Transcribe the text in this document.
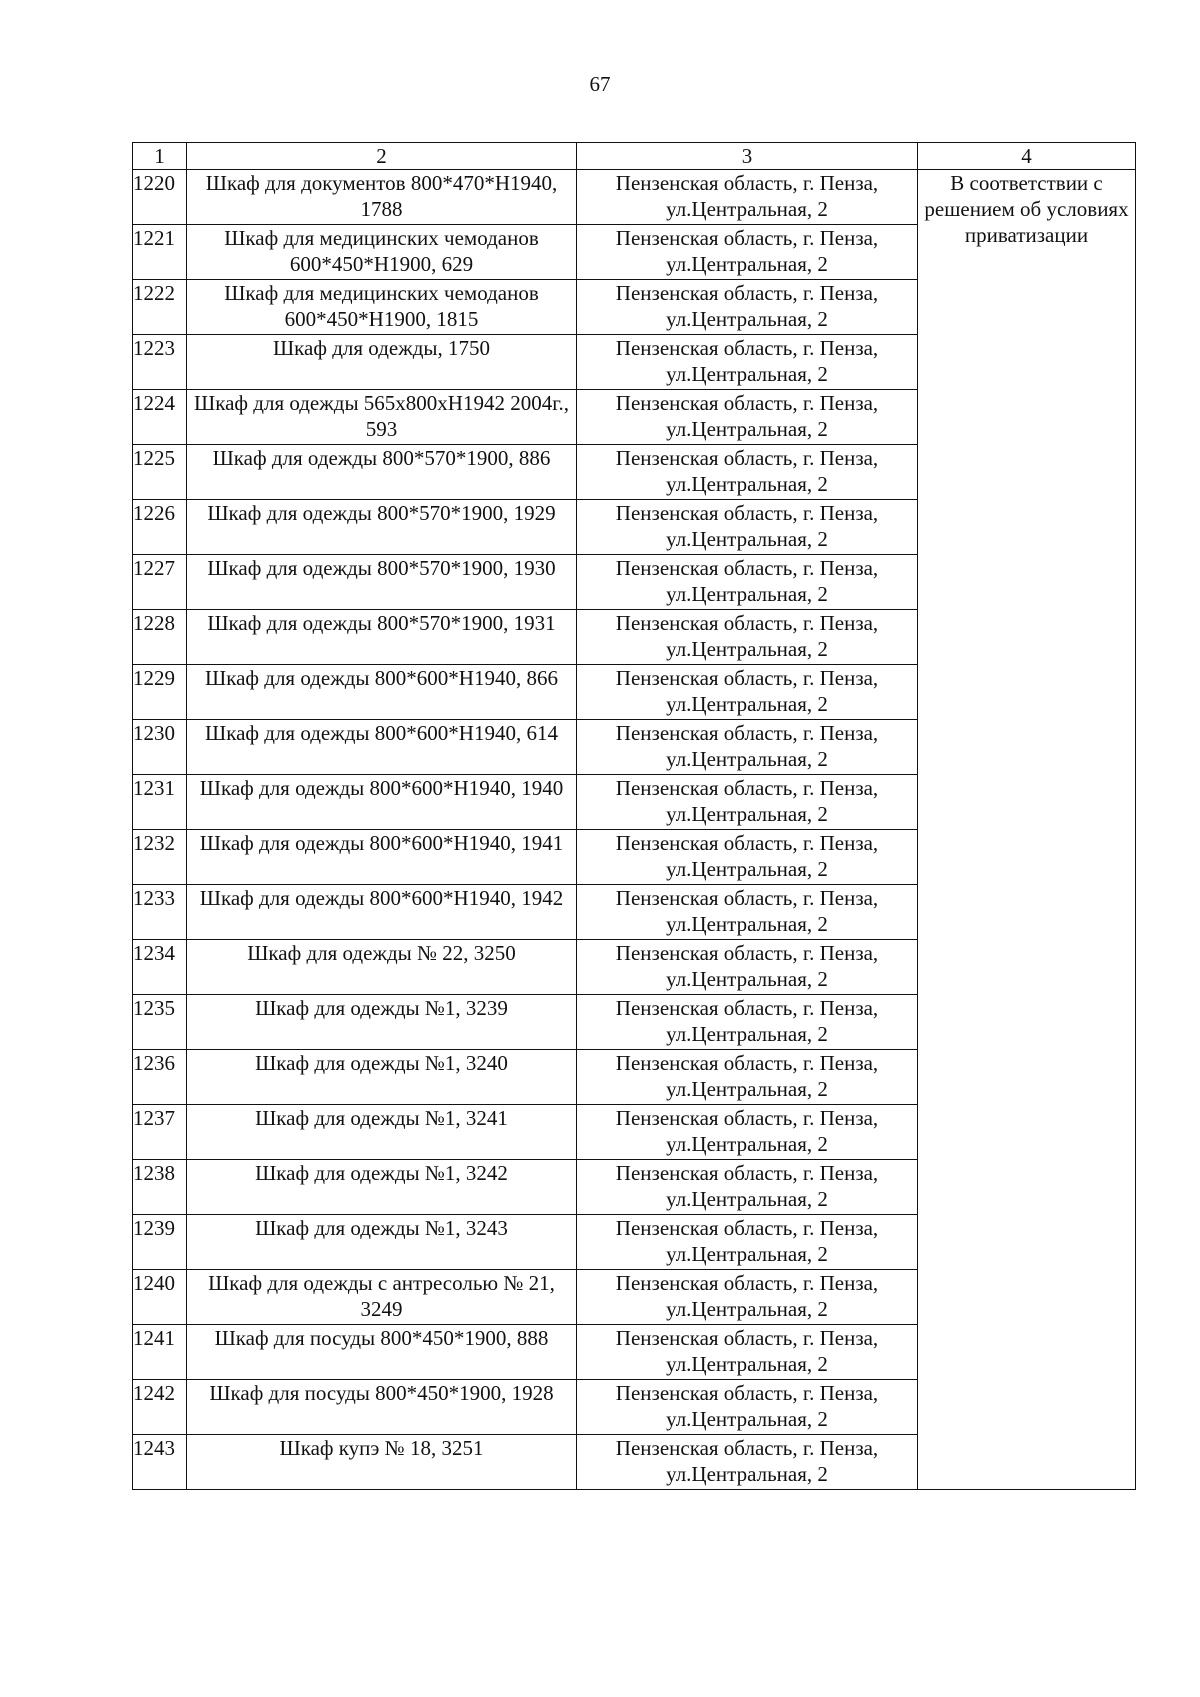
67
1	2	3	4
1220	Шкаф для документов 800*470*H1940, 1788	Пензенская область, г. Пенза, ул.Центральная, 2	В соответствии с решением об условиях приватизации
1221	Шкаф для медицинских чемоданов 600*450*H1900, 629	Пензенская область, г. Пенза, ул.Центральная, 2	
1222	Шкаф для медицинских чемоданов 600*450*H1900, 1815	Пензенская область, г. Пенза, ул.Центральная, 2	
1223	Шкаф для одежды, 1750	Пензенская область, г. Пенза, ул.Центральная, 2	
1224	Шкаф для одежды 565х800хH1942 2004г., 593	Пензенская область, г. Пенза, ул.Центральная, 2	
1225	Шкаф для одежды 800*570*1900, 886	Пензенская область, г. Пенза, ул.Центральная, 2	
1226	Шкаф для одежды 800*570*1900, 1929	Пензенская область, г. Пенза, ул.Центральная, 2	
1227	Шкаф для одежды 800*570*1900, 1930	Пензенская область, г. Пенза, ул.Центральная, 2	
1228	Шкаф для одежды 800*570*1900, 1931	Пензенская область, г. Пенза, ул.Центральная, 2	
1229	Шкаф для одежды 800*600*H1940, 866	Пензенская область, г. Пенза, ул.Центральная, 2	
1230	Шкаф для одежды 800*600*H1940, 614	Пензенская область, г. Пенза, ул.Центральная, 2	
1231	Шкаф для одежды 800*600*H1940, 1940	Пензенская область, г. Пенза, ул.Центральная, 2	
1232	Шкаф для одежды 800*600*H1940, 1941	Пензенская область, г. Пенза, ул.Центральная, 2	
1233	Шкаф для одежды 800*600*H1940, 1942	Пензенская область, г. Пенза, ул.Центральная, 2	
1234	Шкаф для одежды № 22, 3250	Пензенская область, г. Пенза, ул.Центральная, 2	
1235	Шкаф для одежды №1, 3239	Пензенская область, г. Пенза, ул.Центральная, 2	
1236	Шкаф для одежды №1, 3240	Пензенская область, г. Пенза, ул.Центральная, 2	
1237	Шкаф для одежды №1, 3241	Пензенская область, г. Пенза, ул.Центральная, 2	
1238	Шкаф для одежды №1, 3242	Пензенская область, г. Пенза, ул.Центральная, 2	
1239	Шкаф для одежды №1, 3243	Пензенская область, г. Пенза, ул.Центральная, 2	
1240	Шкаф для одежды с антресолью № 21, 3249	Пензенская область, г. Пенза, ул.Центральная, 2	
1241	Шкаф для посуды 800*450*1900, 888	Пензенская область, г. Пенза, ул.Центральная, 2	
1242	Шкаф для посуды 800*450*1900, 1928	Пензенская область, г. Пенза, ул.Центральная, 2	
1243	Шкаф купэ № 18, 3251	Пензенская область, г. Пенза, ул.Центральная, 2	
